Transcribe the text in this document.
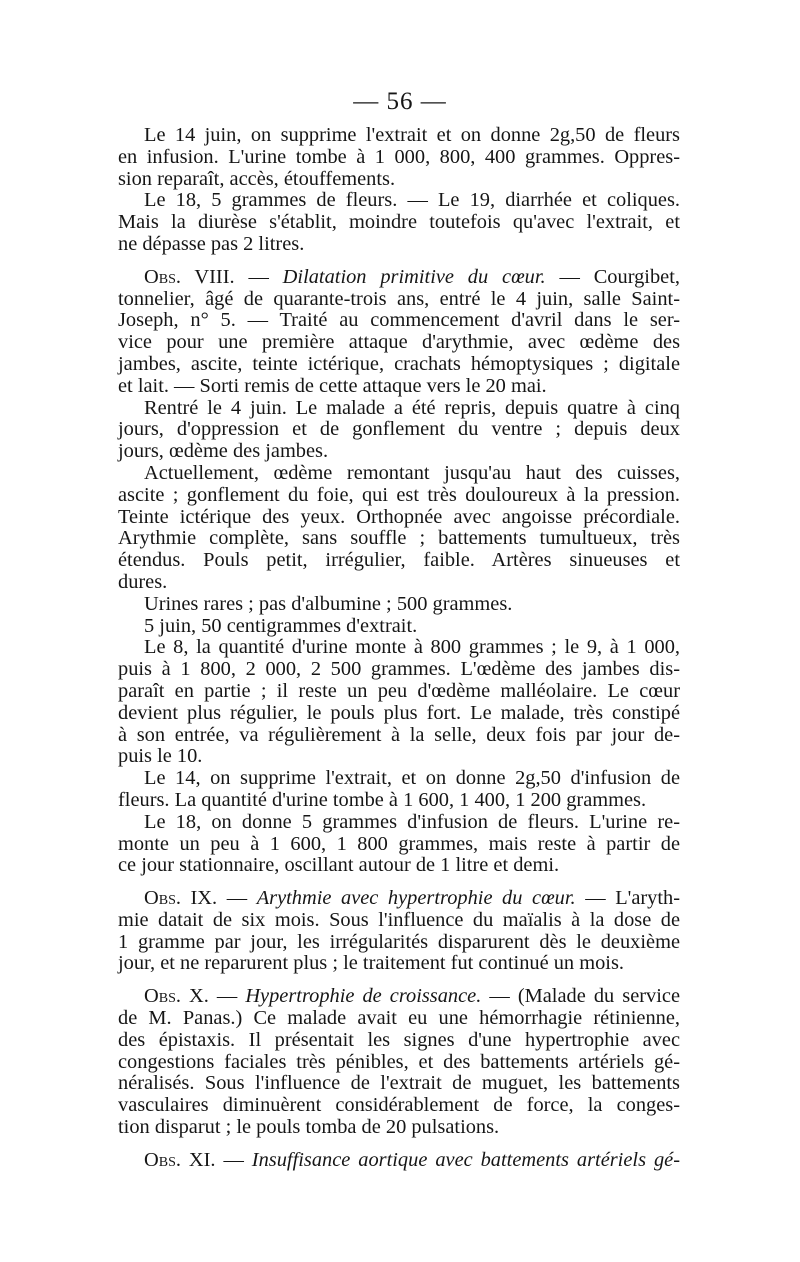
— 56 —

Le 14 juin, on supprime l'extrait et on donne 2g,50 de fleurs

en infusion. L'urine tombe à 1 000, 800, 400 grammes. Oppres-

sion reparaît, accès, étouffements.

Le 18, 5 grammes de fleurs. — Le 19, diarrhée et coliques.

Mais la diurèse s'établit, moindre toutefois qu'avec l'extrait, et

ne dépasse pas 2 litres.

Obs. VIII. — Dilatation primitive du cœur. — Courgibet,

tonnelier, âgé de quarante-trois ans, entré le 4 juin, salle Saint-

Joseph, n° 5. — Traité au commencement d'avril dans le ser-

vice pour une première attaque d'arythmie, avec œdème des

jambes, ascite, teinte ictérique, crachats hémoptysiques ; digitale

et lait. — Sorti remis de cette attaque vers le 20 mai.

Rentré le 4 juin. Le malade a été repris, depuis quatre à cinq

jours, d'oppression et de gonflement du ventre ; depuis deux

jours, œdème des jambes.

Actuellement, œdème remontant jusqu'au haut des cuisses,

ascite ; gonflement du foie, qui est très douloureux à la pression.

Teinte ictérique des yeux. Orthopnée avec angoisse précordiale.

Arythmie complète, sans souffle ; battements tumultueux, très

étendus. Pouls petit, irrégulier, faible. Artères sinueuses et

dures.

Urines rares ; pas d'albumine ; 500 grammes.

5 juin, 50 centigrammes d'extrait.

Le 8, la quantité d'urine monte à 800 grammes ; le 9, à 1 000,

puis à 1 800, 2 000, 2 500 grammes. L'œdème des jambes dis-

paraît en partie ; il reste un peu d'œdème malléolaire. Le cœur

devient plus régulier, le pouls plus fort. Le malade, très constipé

à son entrée, va régulièrement à la selle, deux fois par jour de-

puis le 10.

Le 14, on supprime l'extrait, et on donne 2g,50 d'infusion de

fleurs. La quantité d'urine tombe à 1 600, 1 400, 1 200 grammes.

Le 18, on donne 5 grammes d'infusion de fleurs. L'urine re-

monte un peu à 1 600, 1 800 grammes, mais reste à partir de

ce jour stationnaire, oscillant autour de 1 litre et demi.

Obs. IX. — Arythmie avec hypertrophie du cœur. — L'aryth-

mie datait de six mois. Sous l'influence du maïalis à la dose de

1 gramme par jour, les irrégularités disparurent dès le deuxième

jour, et ne reparurent plus ; le traitement fut continué un mois.

Obs. X. — Hypertrophie de croissance. — (Malade du service

de M. Panas.) Ce malade avait eu une hémorrhagie rétinienne,

des épistaxis. Il présentait les signes d'une hypertrophie avec

congestions faciales très pénibles, et des battements artériels gé-

néralisés. Sous l'influence de l'extrait de muguet, les battements

vasculaires diminuèrent considérablement de force, la conges-

tion disparut ; le pouls tomba de 20 pulsations.

Obs. XI. — Insuffisance aortique avec battements artériels gé-
